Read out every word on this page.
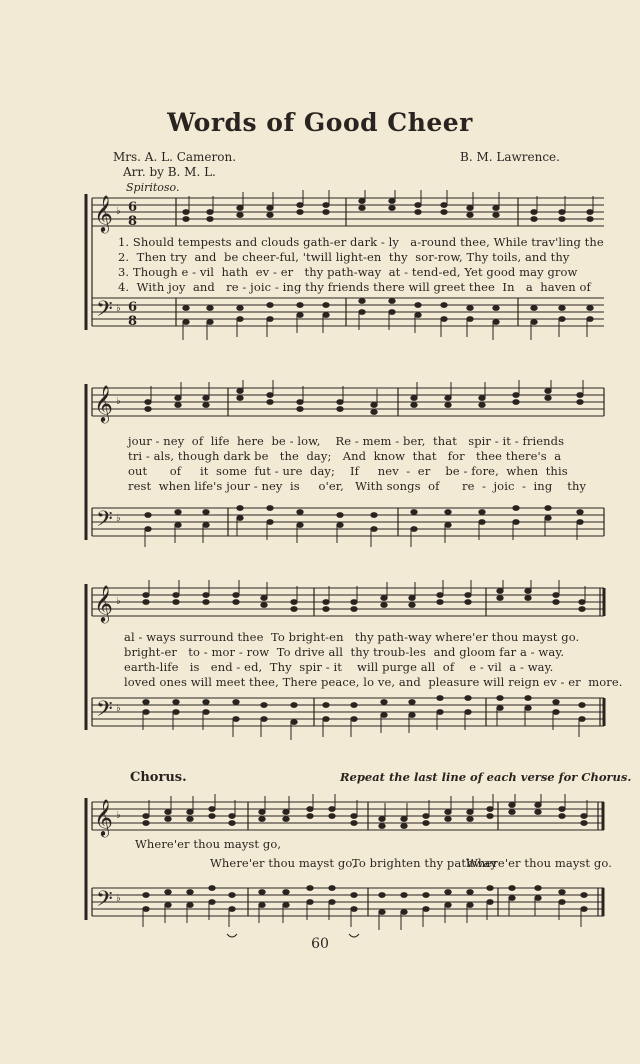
Words of Good Cheer
Mrs. A. L. Cameron.
Arr. by B. M. L.
B. M. Lawrence.
Spiritoso.
𝄞
𝄢
♭
♭
6
8
6
8
1. Should tempests and clouds gath-er dark - ly   a-round thee, While trav'ling the
2.  Then try  and  be cheer-ful, 'twill light-en  thy  sor-row, Thy toils, and thy
3. Though e - vil  hath  ev - er   thy path-way  at - tend-ed, Yet good may grow
4.  With joy  and   re - joic - ing thy friends there will greet thee  In   a  haven of
𝄞
𝄢
♭
♭
jour - ney  of  life  here  be - low,    Re - mem - ber,  that   spir - it - friends
tri - als, though dark be   the  day;   And  know  that   for   thee there's  a
out      of     it  some  fut - ure  day;    If     nev  -  er    be - fore,  when  this
rest  when life's jour - ney  is     o'er,   With songs  of      re  -  joic  -  ing    thy
𝄞
𝄢
♭
♭
al - ways surround thee  To bright-en   thy path-way where'er thou mayst go.
bright-er   to - mor - row  To drive all  thy troub-les  and gloom far a - way.
earth-life   is   end - ed,  Thy  spir - it    will purge all  of    e - vil  a - way.
loved ones will meet thee, There peace, lo ve, and  pleasure will reign ev - er  more.
Chorus.	Repeat the last line of each verse for Chorus.
𝄞
𝄢
♭
♭
Where'er thou mayst go,
Where'er thou mayst go,
To brighten thy pathway
Where'er thou mayst go.
60
